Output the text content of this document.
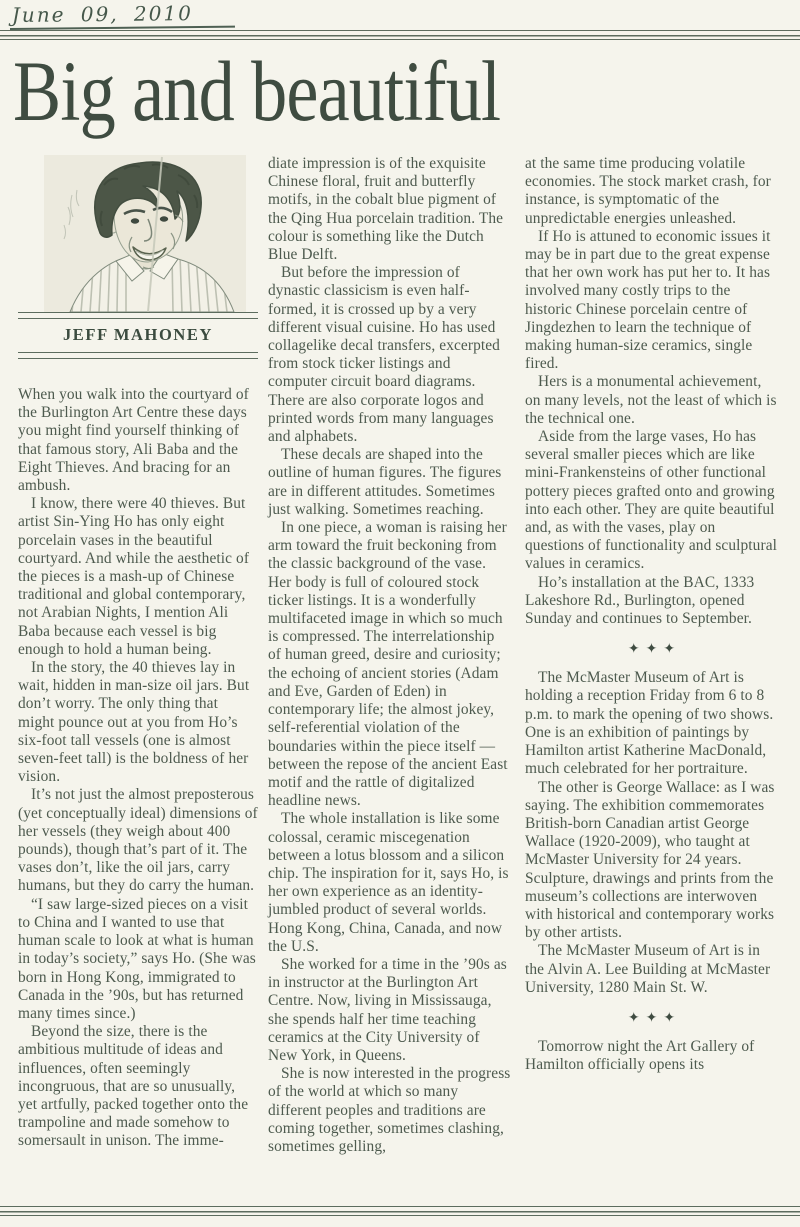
June 09, 2010
Big and beautiful
JEFF MAHONEY

When you walk into the courtyard of the Burlington Art Centre these days you might find yourself thinking of that famous story, Ali Baba and the Eight Thieves. And bracing for an ambush.

I know, there were 40 thieves. But artist Sin-Ying Ho has only eight porcelain vases in the beautiful courtyard. And while the aesthetic of the pieces is a mash-up of Chinese traditional and global contemporary, not Arabian Nights, I mention Ali Baba because each vessel is big enough to hold a human being.

In the story, the 40 thieves lay in wait, hidden in man-size oil jars. But don’t worry. The only thing that might pounce out at you from Ho’s six-foot tall vessels (one is almost seven-feet tall) is the boldness of her vision.

It’s not just the almost preposterous (yet conceptually ideal) dimensions of her vessels (they weigh about 400 pounds), though that’s part of it. The vases don’t, like the oil jars, carry humans, but they do carry the human.

“I saw large-sized pieces on a visit to China and I wanted to use that human scale to look at what is human in today’s society,” says Ho. (She was born in Hong Kong, immigrated to Canada in the ’90s, but has returned many times since.)

Beyond the size, there is the ambitious multitude of ideas and influences, often seemingly incongruous, that are so unusually, yet artfully, packed together onto the trampoline and made somehow to somersault in unison. The imme-

diate impression is of the exquisite Chinese floral, fruit and butterfly motifs, in the cobalt blue pigment of the Qing Hua porcelain tradition. The colour is something like the Dutch Blue Delft.

But before the impression of dynastic classicism is even half-formed, it is crossed up by a very different visual cuisine. Ho has used collagelike decal transfers, excerpted from stock ticker listings and computer circuit board diagrams. There are also corporate logos and printed words from many languages and alphabets.

These decals are shaped into the outline of human figures. The figures are in different attitudes. Sometimes just walking. Sometimes reaching.

In one piece, a woman is raising her arm toward the fruit beckoning from the classic background of the vase. Her body is full of coloured stock ticker listings. It is a wonderfully multifaceted image in which so much is compressed. The interrelationship of human greed, desire and curiosity; the echoing of ancient stories (Adam and Eve, Garden of Eden) in contemporary life; the almost jokey, self-referential violation of the boundaries within the piece itself — between the repose of the ancient East motif and the rattle of digitalized headline news.

The whole installation is like some colossal, ceramic miscegenation between a lotus blossom and a silicon chip. The inspiration for it, says Ho, is her own experience as an identity-jumbled product of several worlds. Hong Kong, China, Canada, and now the U.S.

She worked for a time in the ’90s as in instructor at the Burlington Art Centre. Now, living in Mississauga, she spends half her time teaching ceramics at the City University of New York, in Queens.

She is now interested in the progress of the world at which so many different peoples and traditions are coming together, sometimes clashing, sometimes gelling,

at the same time producing volatile economies. The stock market crash, for instance, is symptomatic of the unpredictable energies unleashed.

If Ho is attuned to economic issues it may be in part due to the great expense that her own work has put her to. It has involved many costly trips to the historic Chinese porcelain centre of Jingdezhen to learn the technique of making human-size ceramics, single fired.

Hers is a monumental achievement, on many levels, not the least of which is the technical one.

Aside from the large vases, Ho has several smaller pieces which are like mini-Frankensteins of other functional pottery pieces grafted onto and growing into each other. They are quite beautiful and, as with the vases, play on questions of functionality and sculptural values in ceramics.

Ho’s installation at the BAC, 1333 Lakeshore Rd., Burlington, opened Sunday and continues to September.

✦✦✦

The McMaster Museum of Art is holding a reception Friday from 6 to 8 p.m. to mark the opening of two shows. One is an exhibition of paintings by Hamilton artist Katherine MacDonald, much celebrated for her portraiture.

The other is George Wallace: as I was saying. The exhibition commemorates British-born Canadian artist George Wallace (1920-2009), who taught at McMaster University for 24 years. Sculpture, drawings and prints from the museum’s collections are interwoven with historical and contemporary works by other artists.

The McMaster Museum of Art is in the Alvin A. Lee Building at McMaster University, 1280 Main St. W.

✦✦✦

Tomorrow night the Art Gallery of Hamilton officially opens its
